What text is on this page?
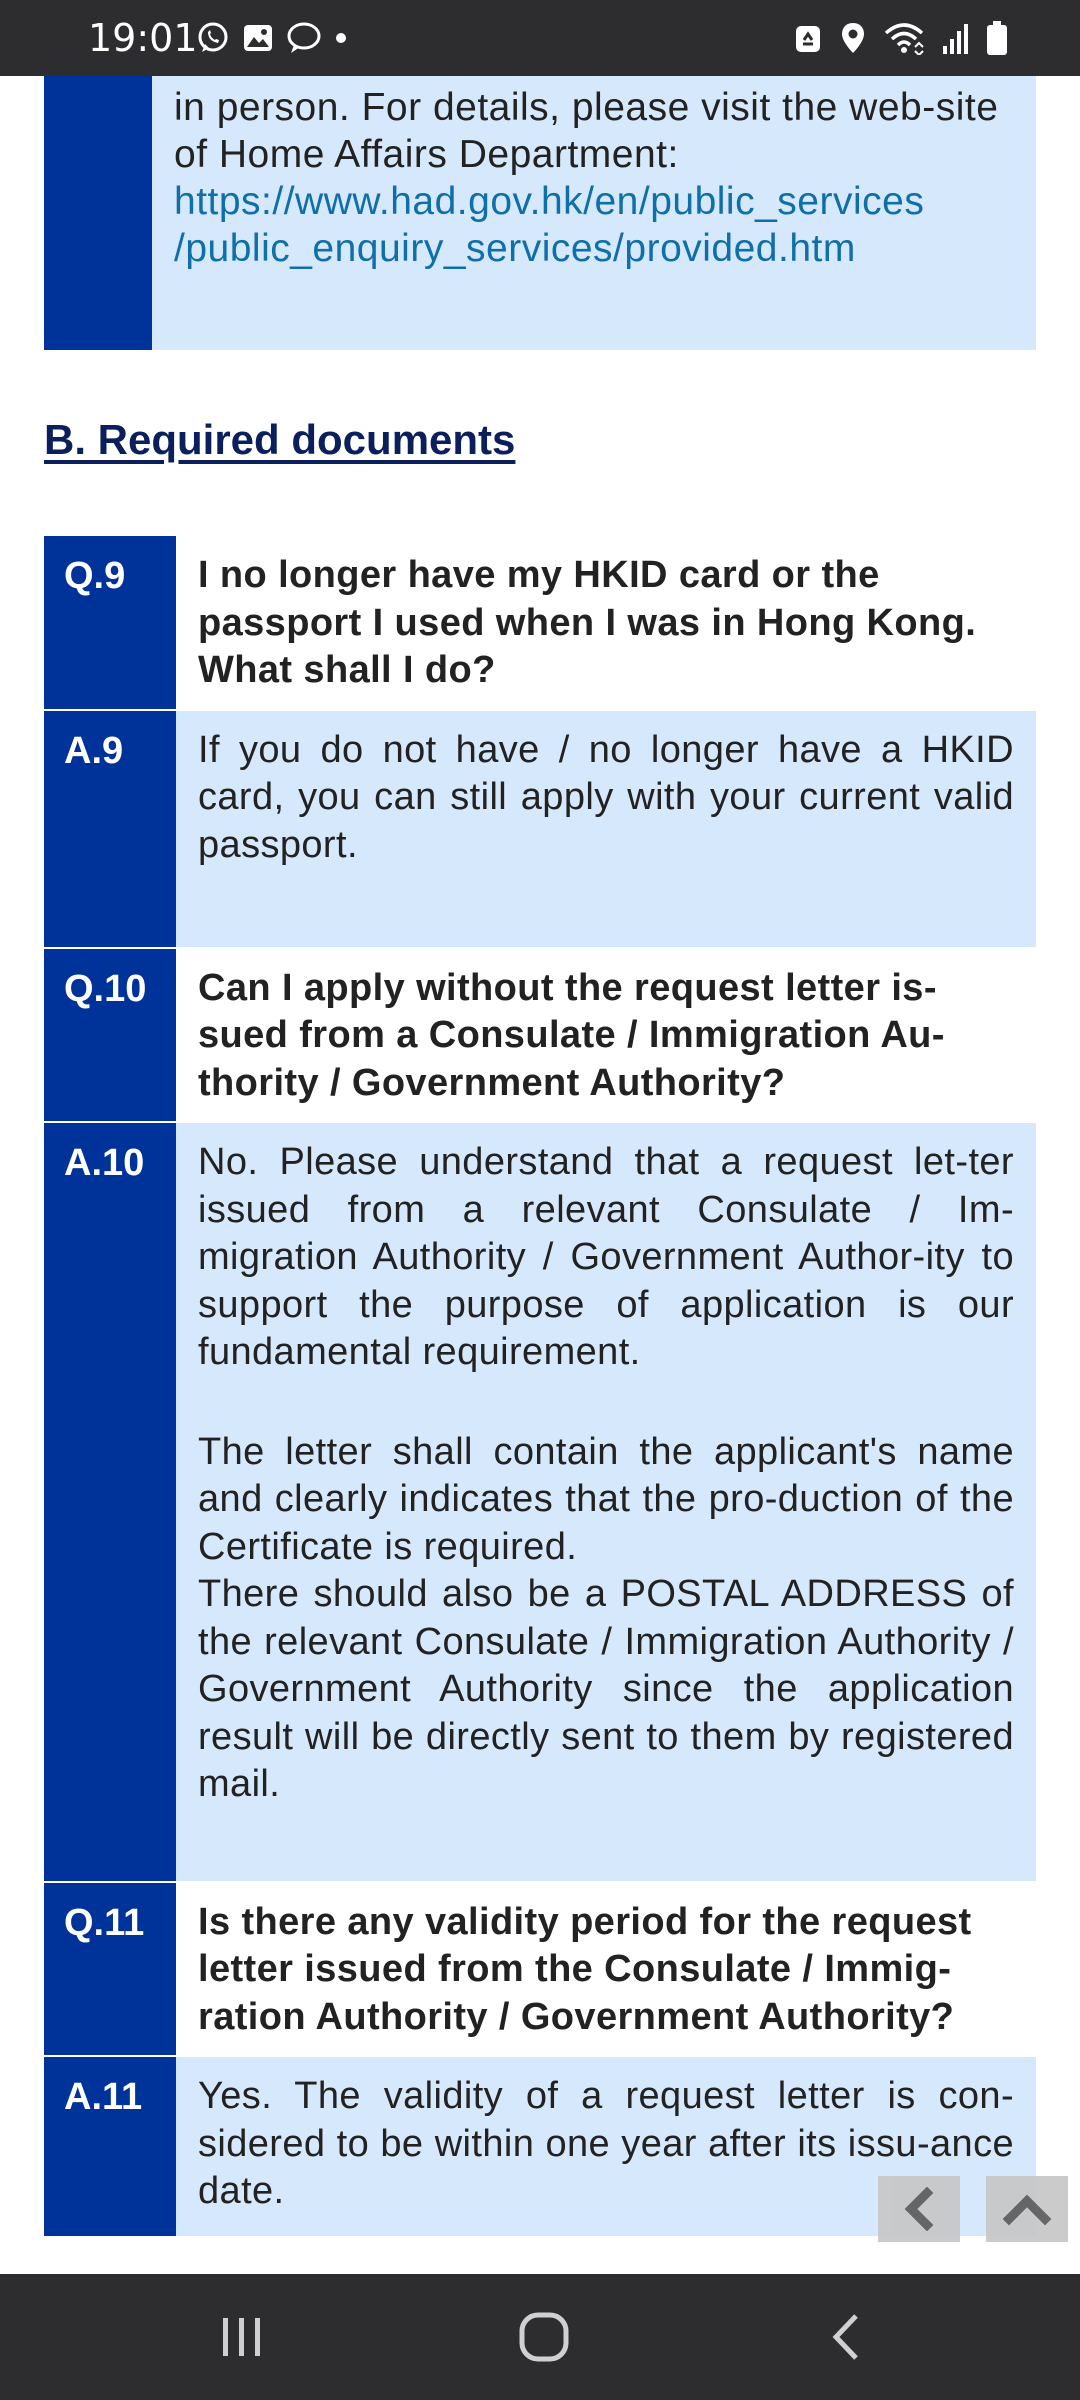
19:01
in person. For details, please visit the web-site of Home Affairs Department:
https://www.had.gov.hk/en/public_services
/public_enquiry_services/provided.htm
B. Required documents
Q.9	I no longer have my HKID card or the passport I used when I was in Hong Kong. What shall I do?
A.9	If you do not have / no longer have a HKID card, you can still apply with your current valid passport.

Q.10	Can I apply without the request letter is-sued from a Consulate / Immigration Au-thority / Government Authority?
A.10	No. Please understand that a request let-ter issued from a relevant Consulate / Im-migration Authority / Government Author-ity to support the purpose of application is our fundamental requirement.

The letter shall contain the applicant's name and clearly indicates that the pro-duction of the Certificate is required.

There should also be a POSTAL ADDRESS of the relevant Consulate / Immigration Authority / Government Authority since the application result will be directly sent to them by registered mail.

Q.11	Is there any validity period for the request letter issued from the Consulate / Immig-ration Authority / Government Authority?
A.11	Yes. The validity of a request letter is con-sidered to be within one year after its issu-ance date.
